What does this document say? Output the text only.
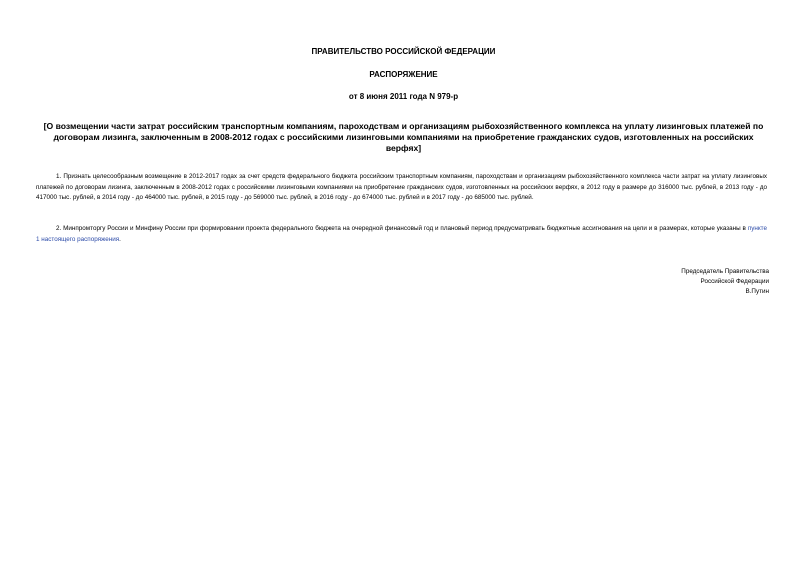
ПРАВИТЕЛЬСТВО РОССИЙСКОЙ ФЕДЕРАЦИИ
РАСПОРЯЖЕНИЕ
от 8 июня 2011 года N 979-р
[О возмещении части затрат российским транспортным компаниям, пароходствам и организациям рыбохозяйственного комплекса на уплату лизинговых платежей по договорам лизинга, заключенным в 2008-2012 годах с российскими лизинговыми компаниями на приобретение гражданских судов, изготовленных на российских верфях]
1. Признать целесообразным возмещение в 2012-2017 годах за счет средств федерального бюджета российским транспортным компаниям, пароходствам и организациям рыбохозяйственного комплекса части затрат на уплату лизинговых платежей по договорам лизинга, заключенным в 2008-2012 годах с российскими лизинговыми компаниями на приобретение гражданских судов, изготовленных на российских верфях, в 2012 году в размере до 316000 тыс. рублей, в 2013 году - до 417000 тыс. рублей, в 2014 году - до 464000 тыс. рублей, в 2015 году - до 569000 тыс. рублей, в 2016 году - до 674000 тыс. рублей и в 2017 году - до 685000 тыс. рублей.
2. Минпромторгу России и Минфину России при формировании проекта федерального бюджета на очередной финансовый год и плановый период предусматривать бюджетные ассигнования на цели и в размерах, которые указаны в пункте 1 настоящего распоряжения.
Председатель Правительства
Российской Федерации
В.Путин
